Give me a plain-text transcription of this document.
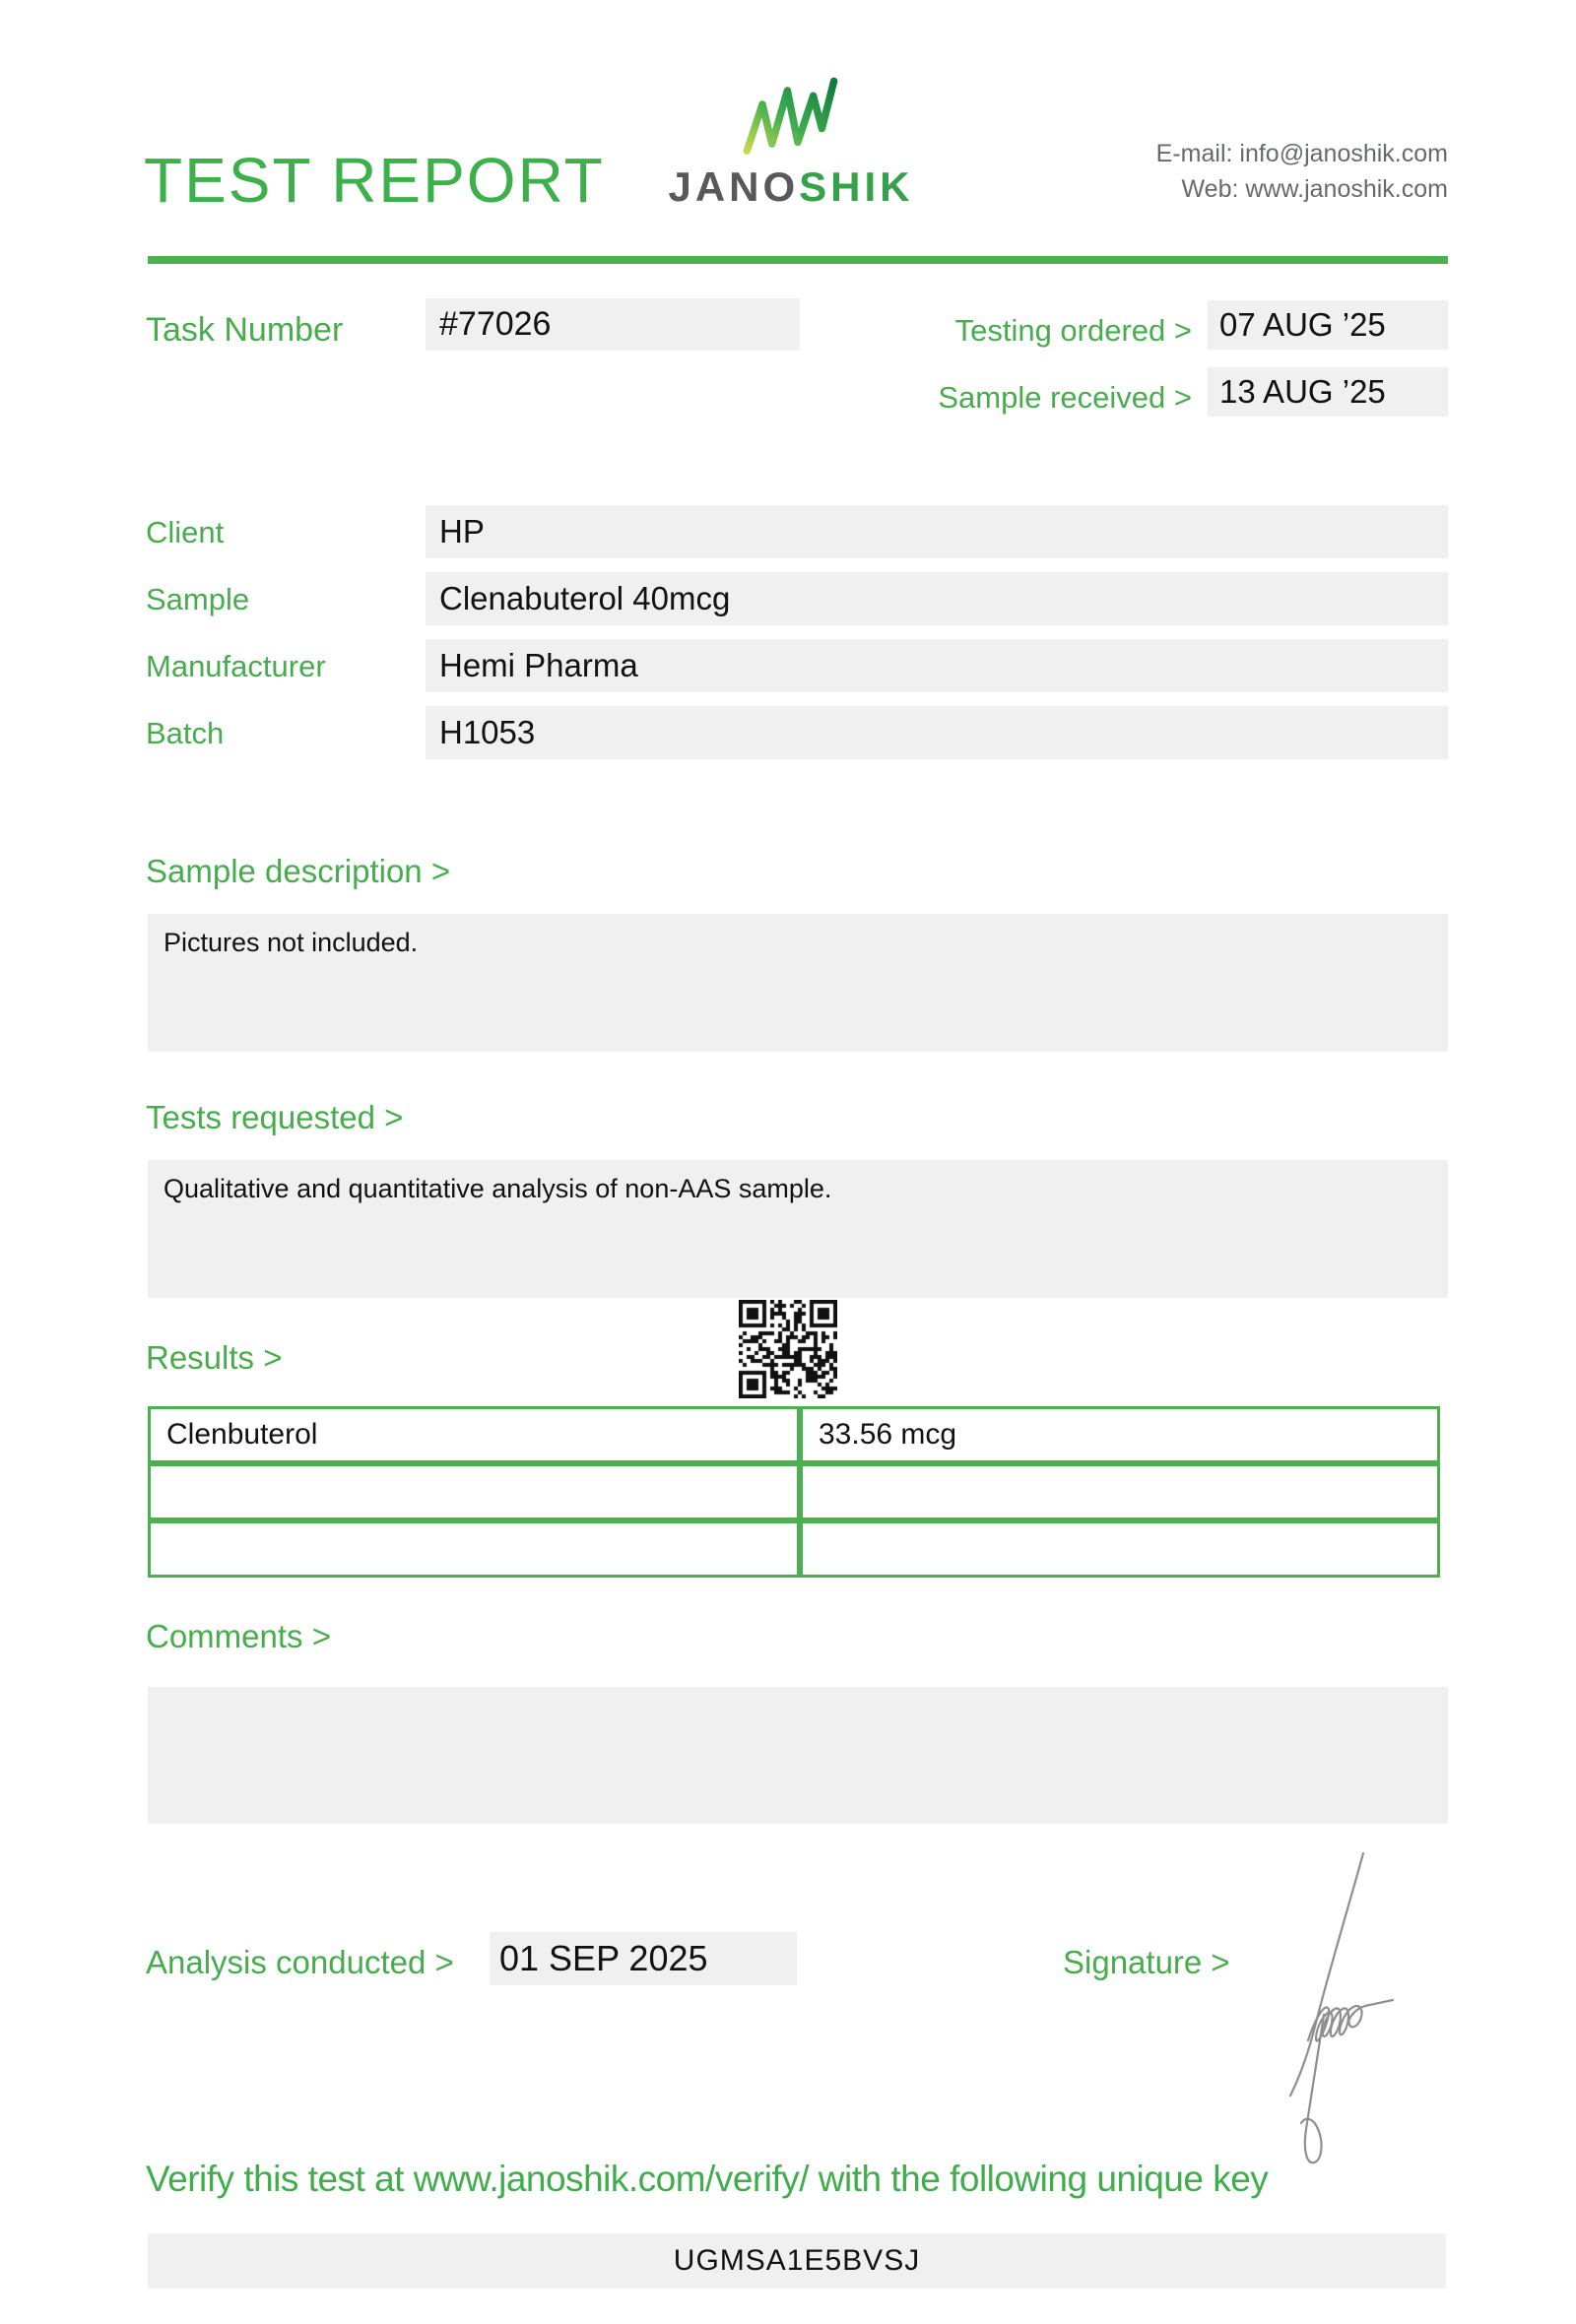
TEST REPORT JANOSHIK
E-mail: info@janoshik.com
Web: www.janoshik.com
Task Number	#77026	Testing ordered > 07 AUG ’25
Sample received > 13 AUG ’25
Client	HP
Sample	Clenabuterol 40mcg
Manufacturer	Hemi Pharma
Batch	H1053
Sample description >
Pictures not included.
Tests requested >
Qualitative and quantitative analysis of non-AAS sample.
Results >
Clenbuterol	33.56 mcg

Comments >
Analysis conducted > 01 SEP 2025	Signature >
Verify this test at www.janoshik.com/verify/ with the following unique key
UGMSA1E5BVSJ
